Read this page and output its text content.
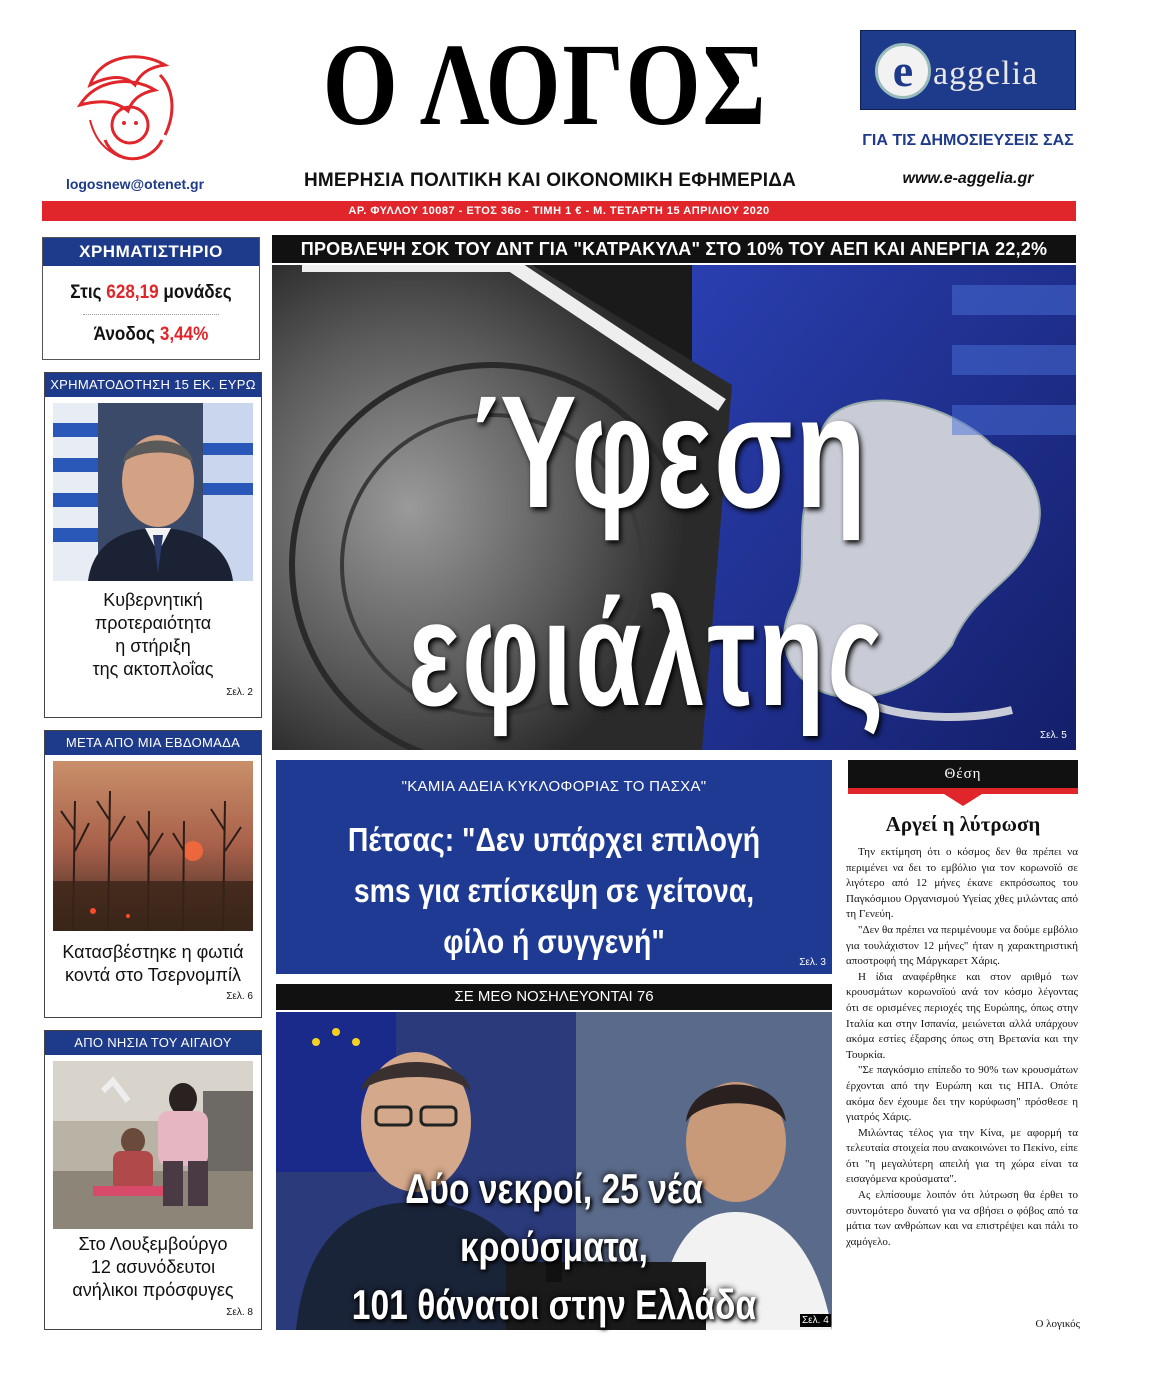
logosnew@otenet.gr
Ο ΛΟΓΟΣ
ΗΜΕΡΗΣΙΑ ΠΟΛΙΤΙΚΗ ΚΑΙ ΟΙΚΟΝΟΜΙΚΗ ΕΦΗΜΕΡΙΔΑ
e aggelia
ΓΙΑ ΤΙΣ ΔΗΜΟΣΙΕΥΣΕΙΣ ΣΑΣ
www.e-aggelia.gr
ΑΡ. ΦΥΛΛΟΥ 10087 - ΕΤΟΣ 36ο - ΤΙΜΗ 1 € - Μ. ΤΕΤΑΡΤΗ 15 ΑΠΡΙΛΙΟΥ 2020
ΧΡΗΜΑΤΙΣΤΗΡΙΟ
Στις 628,19 μονάδες
Άνοδος 3,44%
ΧΡΗΜΑΤΟΔΟΤΗΣΗ 15 ΕΚ. ΕΥΡΩ
Κυβερνητική
προτεραιότητα
η στήριξη
της ακτοπλοΐας
Σελ. 2
ΜΕΤΑ ΑΠΟ ΜΙΑ ΕΒΔΟΜΑΔΑ
Κατασβέστηκε η φωτιά
κοντά στο Τσερνομπίλ
Σελ. 6
ΑΠΟ ΝΗΣΙΑ ΤΟΥ ΑΙΓΑΙΟΥ
Στο Λουξεμβούργο
12 ασυνόδευτοι
ανήλικοι πρόσφυγες
Σελ. 8
ΠΡΟΒΛΕΨΗ ΣΟΚ ΤΟΥ ΔΝΤ ΓΙΑ "ΚΑΤΡΑΚΥΛΑ" ΣΤΟ 10% ΤΟΥ ΑΕΠ ΚΑΙ ΑΝΕΡΓΙΑ 22,2%
Ύφεση
εφιάλτης	Σελ. 5
"ΚΑΜΙΑ ΑΔΕΙΑ ΚΥΚΛΟΦΟΡΙΑΣ ΤΟ ΠΑΣΧΑ"
Πέτσας: "Δεν υπάρχει επιλογή
sms για επίσκεψη σε γείτονα,
φίλο ή συγγενή"
Σελ. 3
ΣΕ ΜΕΘ ΝΟΣΗΛΕΥΟΝΤΑΙ 76
Δύο νεκροί, 25 νέα κρούσματα,
101 θάνατοι στην Ελλάδα	Σελ. 4
Θέση
Αργεί η λύτρωση

Την εκτίμηση ότι ο κόσμος δεν θα πρέπει να περιμένει να δει το εμβόλιο για τον κορωνοϊό σε λιγότερο από 12 μήνες έκανε εκπρόσωπος του Παγκόσμιου Οργανισμού Υγείας χθες μιλώντας από τη Γενεύη.

"Δεν θα πρέπει να περιμένουμε να δούμε εμβόλιο για τουλάχιστον 12 μήνες" ήταν η χαρακτηριστική αποστροφή της Μάργκαρετ Χάρις.

Η ίδια αναφέρθηκε και στον αριθμό των κρουσμάτων κορωνοϊού ανά τον κόσμο λέγοντας ότι σε ορισμένες περιοχές της Ευρώπης, όπως στην Ιταλία και στην Ισπανία, μειώνεται αλλά υπάρχουν ακόμα εστίες έξαρσης όπως στη Βρετανία και την Τουρκία.

"Σε παγκόσμιο επίπεδο το 90% των κρουσμάτων έρχονται από την Ευρώπη και τις ΗΠΑ. Οπότε ακόμα δεν έχουμε δει την κορύφωση" πρόσθεσε η γιατρός Χάρις.

Μιλώντας τέλος για την Κίνα, με αφορμή τα τελευταία στοιχεία που ανακοινώνει το Πεκίνο, είπε ότι "η μεγαλύτερη απειλή για τη χώρα είναι τα εισαγόμενα κρούσματα".

Ας ελπίσουμε λοιπόν ότι λύτρωση θα έρθει το συντομότερο δυνατό για να σβήσει ο φόβος από τα μάτια των ανθρώπων και να επιστρέψει και πάλι το χαμόγελο.

Ο λογικός
